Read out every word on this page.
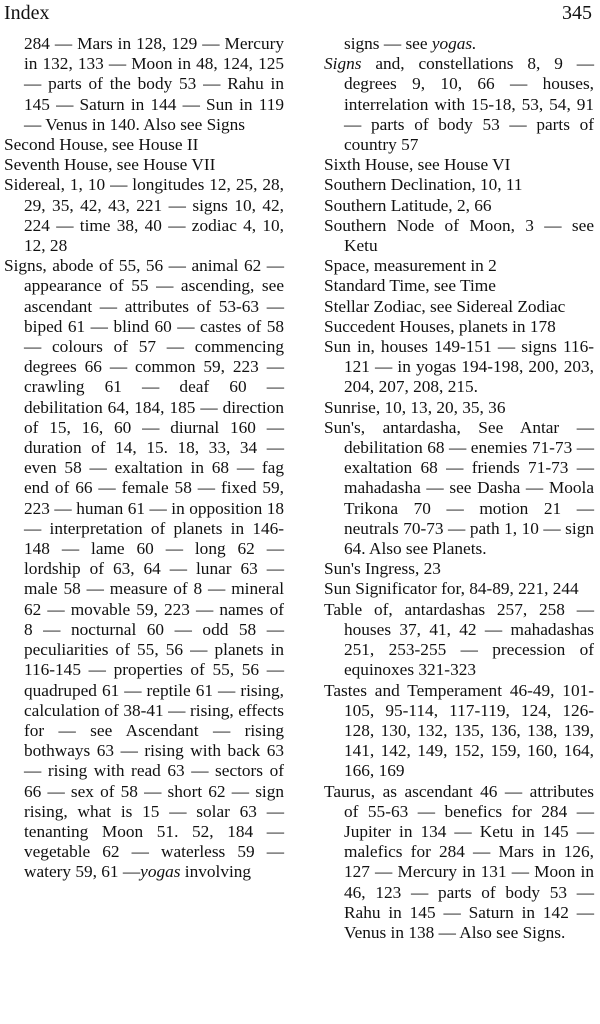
Index	345
284 — Mars in 128, 129 — Mercury in 132, 133 — Moon in 48, 124, 125 — parts of the body 53 — Rahu in 145 — Saturn in 144 — Sun in 119 — Venus in 140. Also see Signs
Second House, see House II
Seventh House, see House VII
Sidereal, 1, 10 — longitudes 12, 25, 28, 29, 35, 42, 43, 221 — signs 10, 42, 224 — time 38, 40 — zodiac 4, 10, 12, 28
Signs, abode of 55, 56 — animal 62 — appearance of 55 — ascending, see ascendant — attributes of 53-63 — biped 61 — blind 60 — castes of 58 — colours of 57 — commencing degrees 66 — common 59, 223 — crawling 61 — deaf 60 — debilitation 64, 184, 185 — direction of 15, 16, 60 — diurnal 160 — duration of 14, 15. 18, 33, 34 — even 58 — exaltation in 68 — fag end of 66 — female 58 — fixed 59, 223 — human 61 — in opposition 18 — interpretation of planets in 146-148 — lame 60 — long 62 — lordship of 63, 64 — lunar 63 — male 58 — measure of 8 — mineral 62 — movable 59, 223 — names of 8 — nocturnal 60 — odd 58 — peculiarities of 55, 56 — planets in 116-145 — properties of 55, 56 — quadruped 61 — reptile 61 — rising, calculation of 38-41 — rising, effects for — see Ascendant — rising bothways 63 — rising with back 63 — rising with read 63 — sectors of 66 — sex of 58 — short 62 — sign rising, what is 15 — solar 63 — tenanting Moon 51. 52, 184 — vegetable 62 — waterless 59 — watery 59, 61 —yogas involving
signs — see yogas.
Signs and, constellations 8, 9 — degrees 9, 10, 66 — houses, interrelation with 15-18, 53, 54, 91 — parts of body 53 — parts of country 57
Sixth House, see House VI
Southern Declination, 10, 11
Southern Latitude, 2, 66
Southern Node of Moon, 3 — see Ketu
Space, measurement in 2
Standard Time, see Time
Stellar Zodiac, see Sidereal Zodiac
Succedent Houses, planets in 178
Sun in, houses 149-151 — signs 116-121 — in yogas 194-198, 200, 203, 204, 207, 208, 215.
Sunrise, 10, 13, 20, 35, 36
Sun's, antardasha, See Antar — debilitation 68 — enemies 71-73 — exaltation 68 — friends 71-73 — mahadasha — see Dasha — Moola Trikona 70 — motion 21 — neutrals 70-73 — path 1, 10 — sign 64. Also see Planets.
Sun's Ingress, 23
Sun Significator for, 84-89, 221, 244
Table of, antardashas 257, 258 — houses 37, 41, 42 — mahadashas 251, 253-255 — precession of equinoxes 321-323
Tastes and Temperament 46-49, 101-105, 95-114, 117-119, 124, 126-128, 130, 132, 135, 136, 138, 139, 141, 142, 149, 152, 159, 160, 164, 166, 169
Taurus, as ascendant 46 — attributes of 55-63 — benefics for 284 — Jupiter in 134 — Ketu in 145 — malefics for 284 — Mars in 126, 127 — Mercury in 131 — Moon in 46, 123 — parts of body 53 — Rahu in 145 — Saturn in 142 — Venus in 138 — Also see Signs.
